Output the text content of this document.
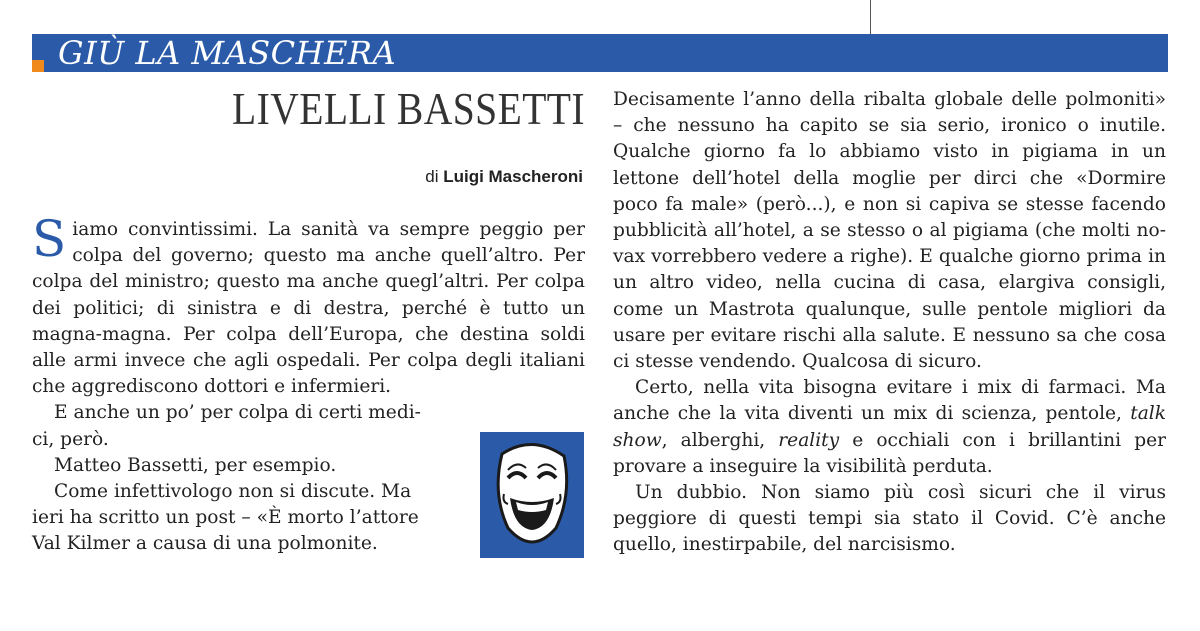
GIÙ LA MASCHERA
LIVELLI BASSETTI
di Luigi Mascheroni

Siamo convintissimi. La sanità va sempre peggio per colpa del governo; questo ma anche quell’altro. Per colpa del ministro; questo ma anche quegl’altri. Per colpa dei politici; di sinistra e di destra, perché è tutto un magna-magna. Per colpa dell’Europa, che destina soldi alle armi invece che agli ospedali. Per colpa degli italiani che aggrediscono dottori e infermieri.

E anche un po’ per colpa di certi medi-

ci, però.

Matteo Bassetti, per esempio.

Come infettivologo non si discute. Ma

ieri ha scritto un post – «È morto l’attore

Val Kilmer a causa di una polmonite.

Decisamente l’anno della ribalta globale delle polmoniti» – che nessuno ha capito se sia serio, ironico o inutile. Qualche giorno fa lo abbiamo visto in pigiama in un lettone dell’hotel della moglie per dirci che «Dormire poco fa male» (però...), e non si capiva se stesse facendo pubblicità all’hotel, a se stesso o al pigiama (che molti no-vax vorrebbero vedere a righe). E qualche giorno prima in un altro video, nella cucina di casa, elargiva consigli, come un Mastrota qualunque, sulle pentole migliori da usare per evitare rischi alla salute. E nessuno sa che cosa ci stesse vendendo. Qualcosa di sicuro.

Certo, nella vita bisogna evitare i mix di farmaci. Ma anche che la vita diventi un mix di scienza, pentole, talk show, alberghi, reality e occhiali con i brillantini per provare a inseguire la visibilità perduta.

Un dubbio. Non siamo più così sicuri che il virus peggiore di questi tempi sia stato il Covid. C’è anche quello, inestirpabile, del narcisismo.
